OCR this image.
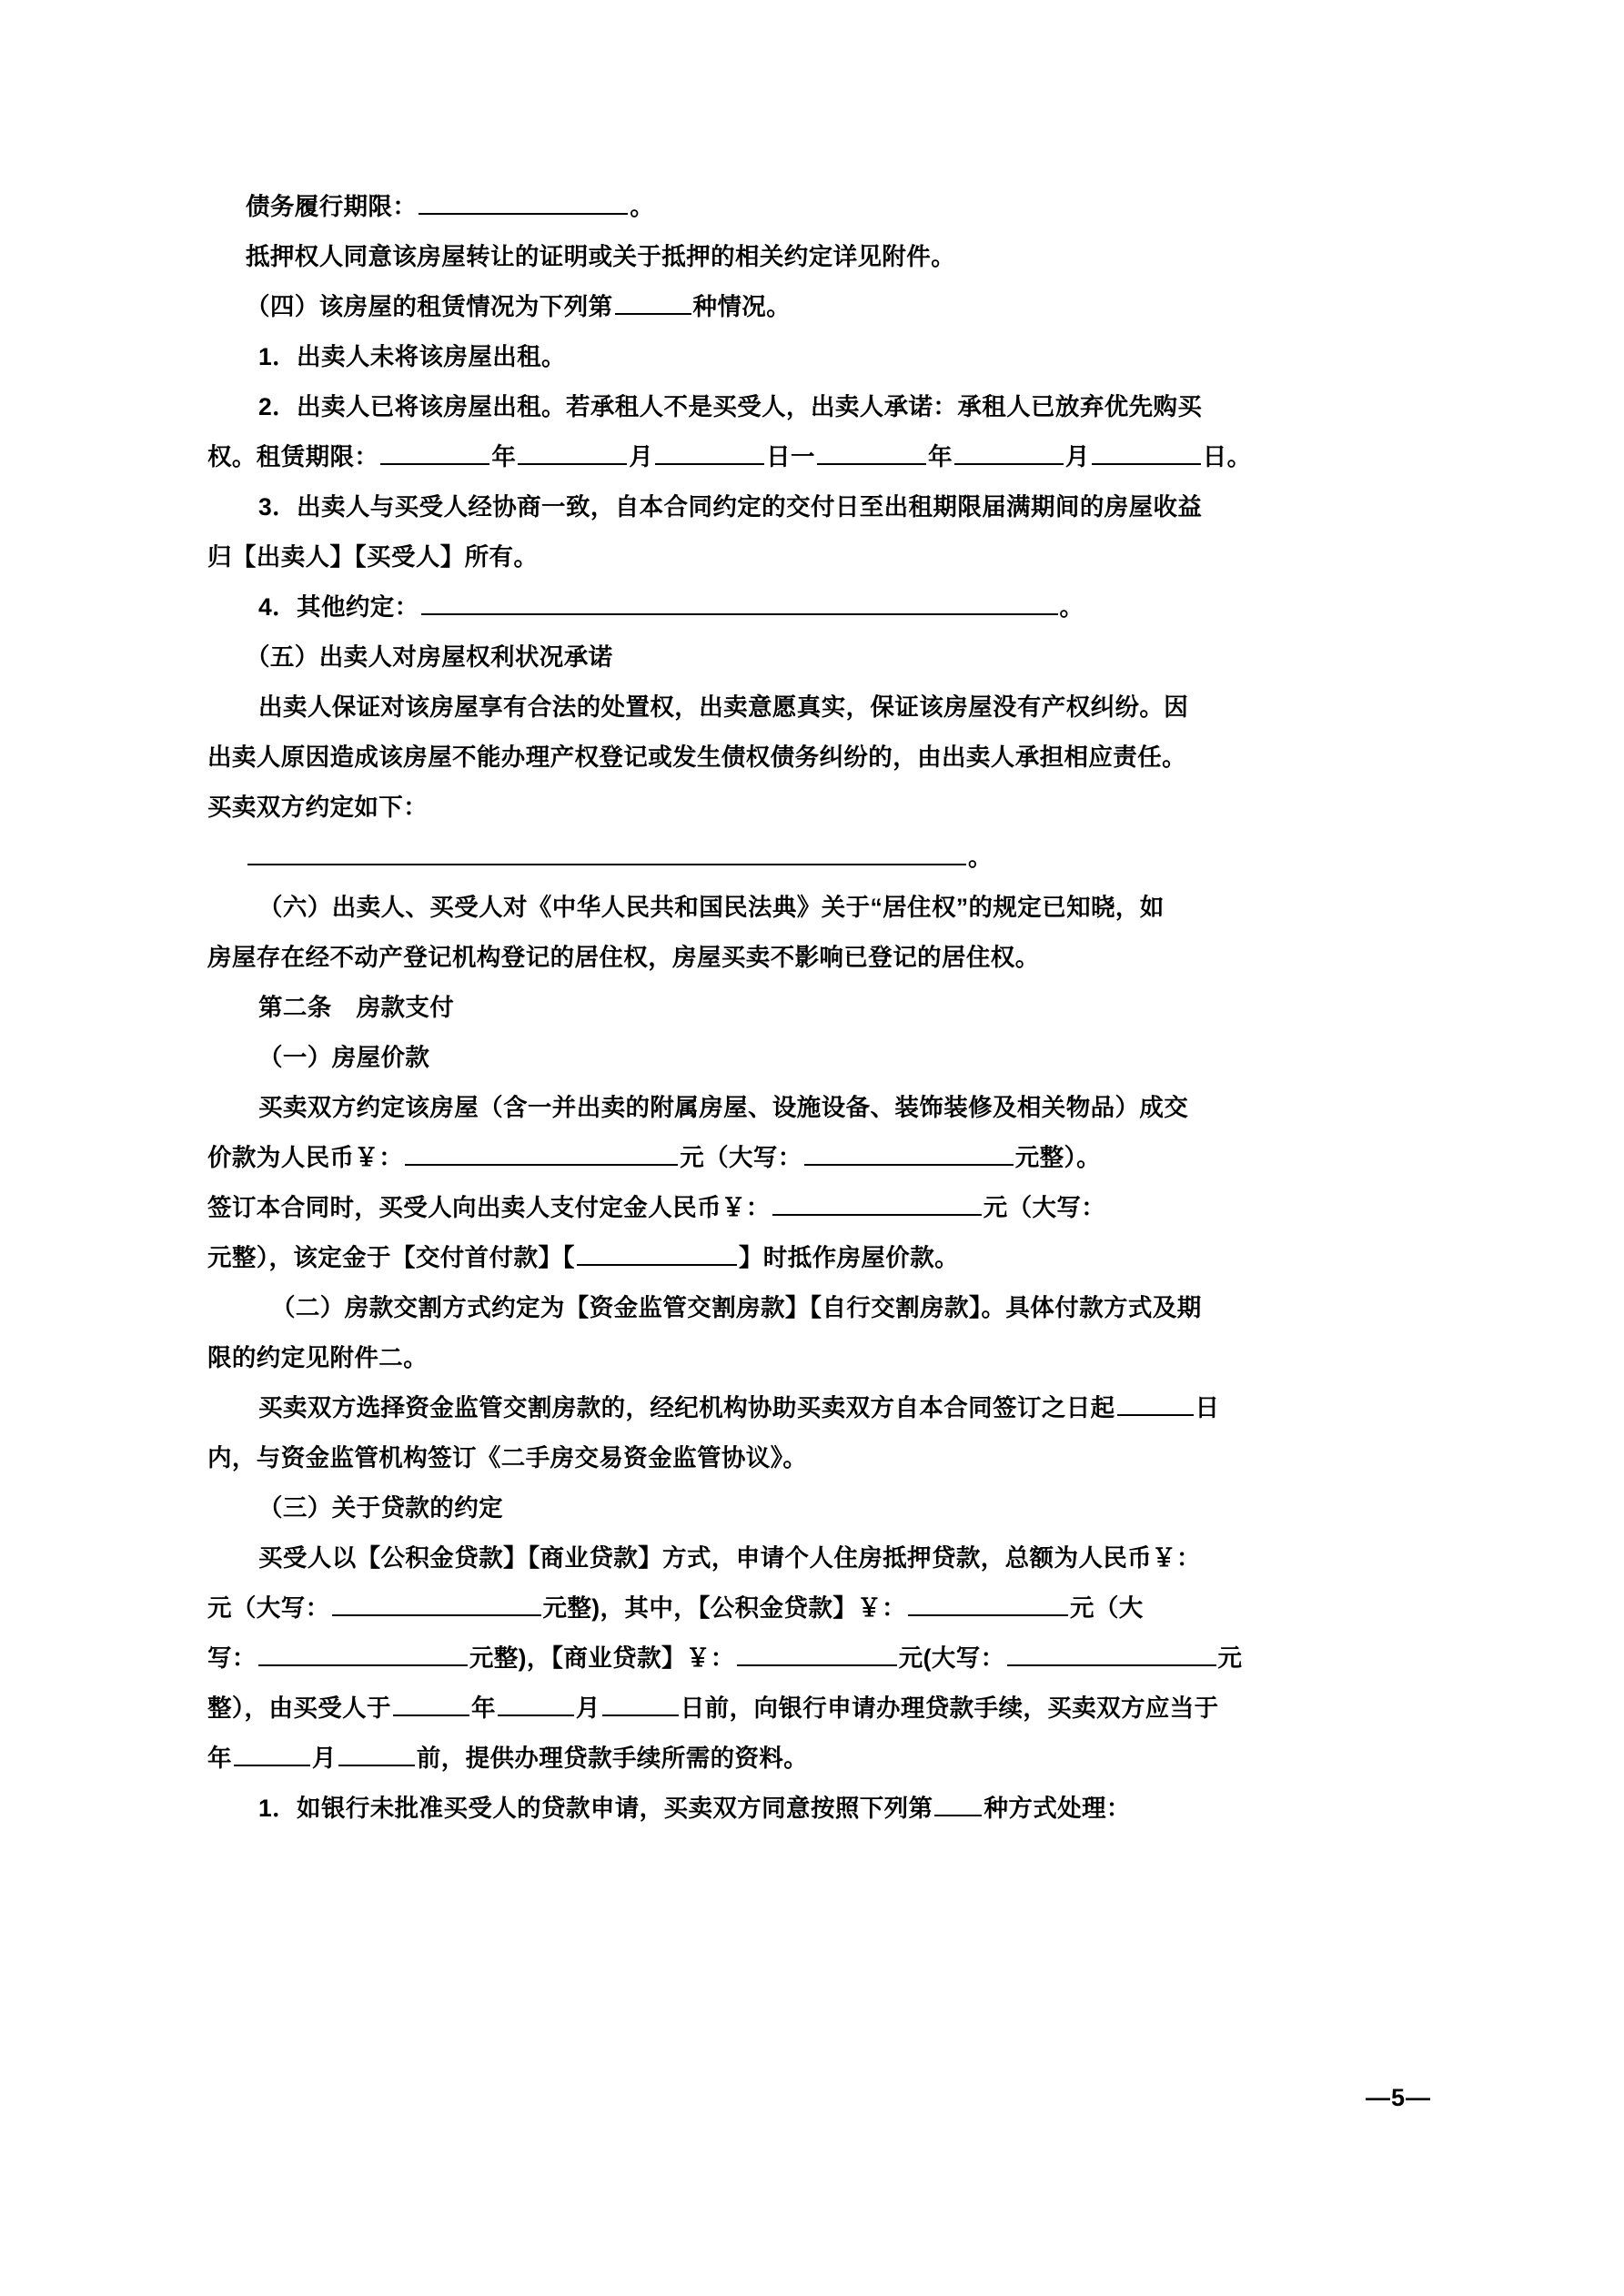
债务履行期限：	。

抵押权人同意该房屋转让的证明或关于抵押的相关约定详见附件。

（四）该房屋的租赁情况为下列第	种情况。

1．出卖人未将该房屋出租。

2．出卖人已将该房屋出租。若承租人不是买受人，出卖人承诺：承租人已放弃优先购买

权。租赁期限：	年	月	日一	年	月	日。

3．出卖人与买受人经协商一致，自本合同约定的交付日至出租期限届满期间的房屋收益

归【出卖人】【买受人】所有。

4．其他约定：	。

（五）出卖人对房屋权利状况承诺

出卖人保证对该房屋享有合法的处置权，出卖意愿真实，保证该房屋没有产权纠纷。因

出卖人原因造成该房屋不能办理产权登记或发生债权债务纠纷的，由出卖人承担相应责任。

买卖双方约定如下：

。

（六）出卖人、买受人对《中华人民共和国民法典》关于“居住权”的规定已知晓，如

房屋存在经不动产登记机构登记的居住权，房屋买卖不影响已登记的居住权。

第二条　房款支付

（一）房屋价款

买卖双方约定该房屋（含一并出卖的附属房屋、设施设备、装饰装修及相关物品）成交

价款为人民币￥：	元（大写：	元整）。

签订本合同时，买受人向出卖人支付定金人民币￥：	元（大写：

元整），该定金于【交付首付款】【	】时抵作房屋价款。

（二）房款交割方式约定为【资金监管交割房款】【自行交割房款】。具体付款方式及期

限的约定见附件二。

买卖双方选择资金监管交割房款的，经纪机构协助买卖双方自本合同签订之日起	日

内，与资金监管机构签订《二手房交易资金监管协议》。

（三）关于贷款的约定

买受人以【公积金贷款】【商业贷款】方式，申请个人住房抵押贷款，总额为人民币￥：

元（大写：	元整)，其中，【公积金贷款】￥：	元（大

写：	元整)，【商业贷款】￥：	元(大写：	元

整），由买受人于	年	月	日前，向银行申请办理贷款手续，买卖双方应当于

年	月	前，提供办理贷款手续所需的资料。

1．如银行未批准买受人的贷款申请，买卖双方同意按照下列第 种方式处理：

—5—
